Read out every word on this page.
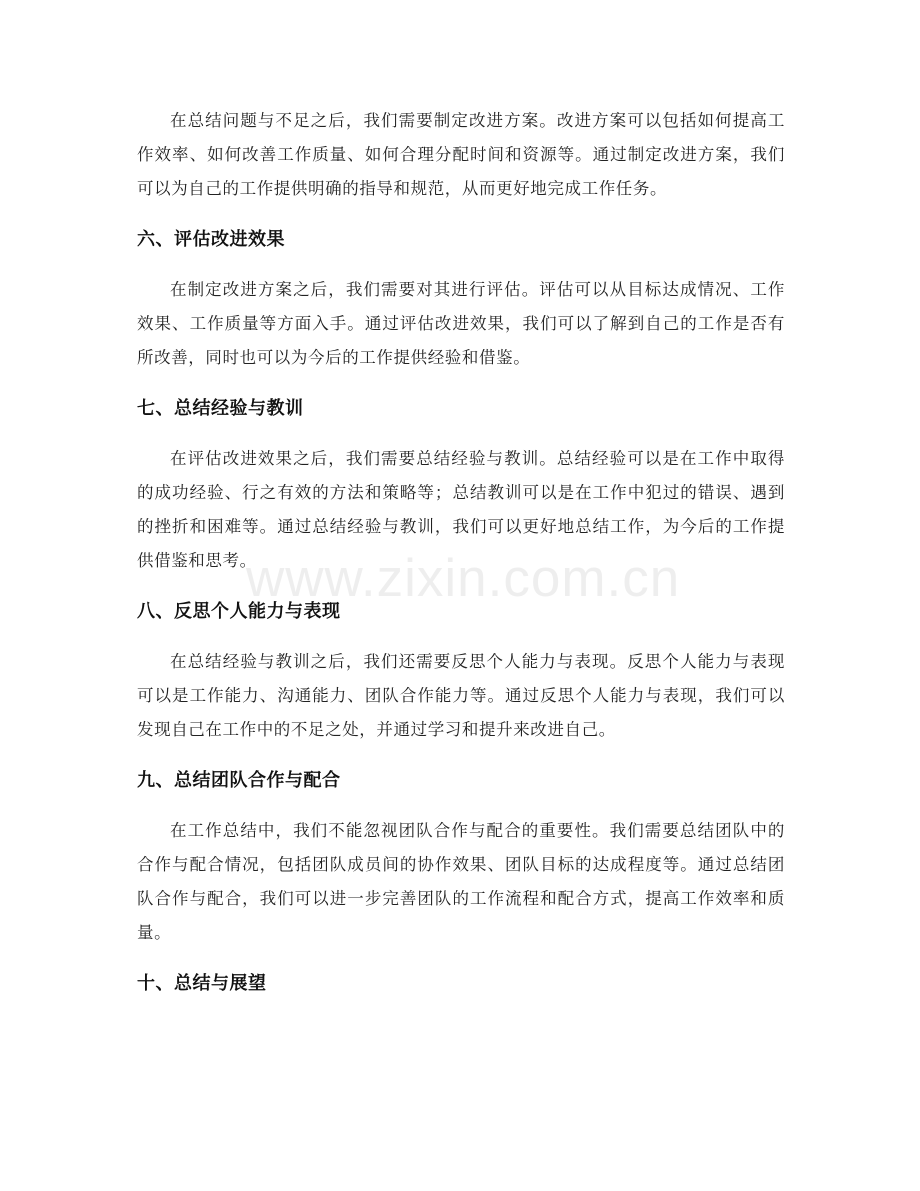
在总结问题与不足之后，我们需要制定改进方案。改进方案可以包括如何提高工作效率、如何改善工作质量、如何合理分配时间和资源等。通过制定改进方案，我们可以为自己的工作提供明确的指导和规范，从而更好地完成工作任务。

六、评估改进效果

在制定改进方案之后，我们需要对其进行评估。评估可以从目标达成情况、工作效果、工作质量等方面入手。通过评估改进效果，我们可以了解到自己的工作是否有所改善，同时也可以为今后的工作提供经验和借鉴。

七、总结经验与教训

在评估改进效果之后，我们需要总结经验与教训。总结经验可以是在工作中取得的成功经验、行之有效的方法和策略等；总结教训可以是在工作中犯过的错误、遇到的挫折和困难等。通过总结经验与教训，我们可以更好地总结工作，为今后的工作提供借鉴和思考。

八、反思个人能力与表现

在总结经验与教训之后，我们还需要反思个人能力与表现。反思个人能力与表现可以是工作能力、沟通能力、团队合作能力等。通过反思个人能力与表现，我们可以发现自己在工作中的不足之处，并通过学习和提升来改进自己。

九、总结团队合作与配合

在工作总结中，我们不能忽视团队合作与配合的重要性。我们需要总结团队中的合作与配合情况，包括团队成员间的协作效果、团队目标的达成程度等。通过总结团队合作与配合，我们可以进一步完善团队的工作流程和配合方式，提高工作效率和质量。

十、总结与展望
www.zixin.com.cn
